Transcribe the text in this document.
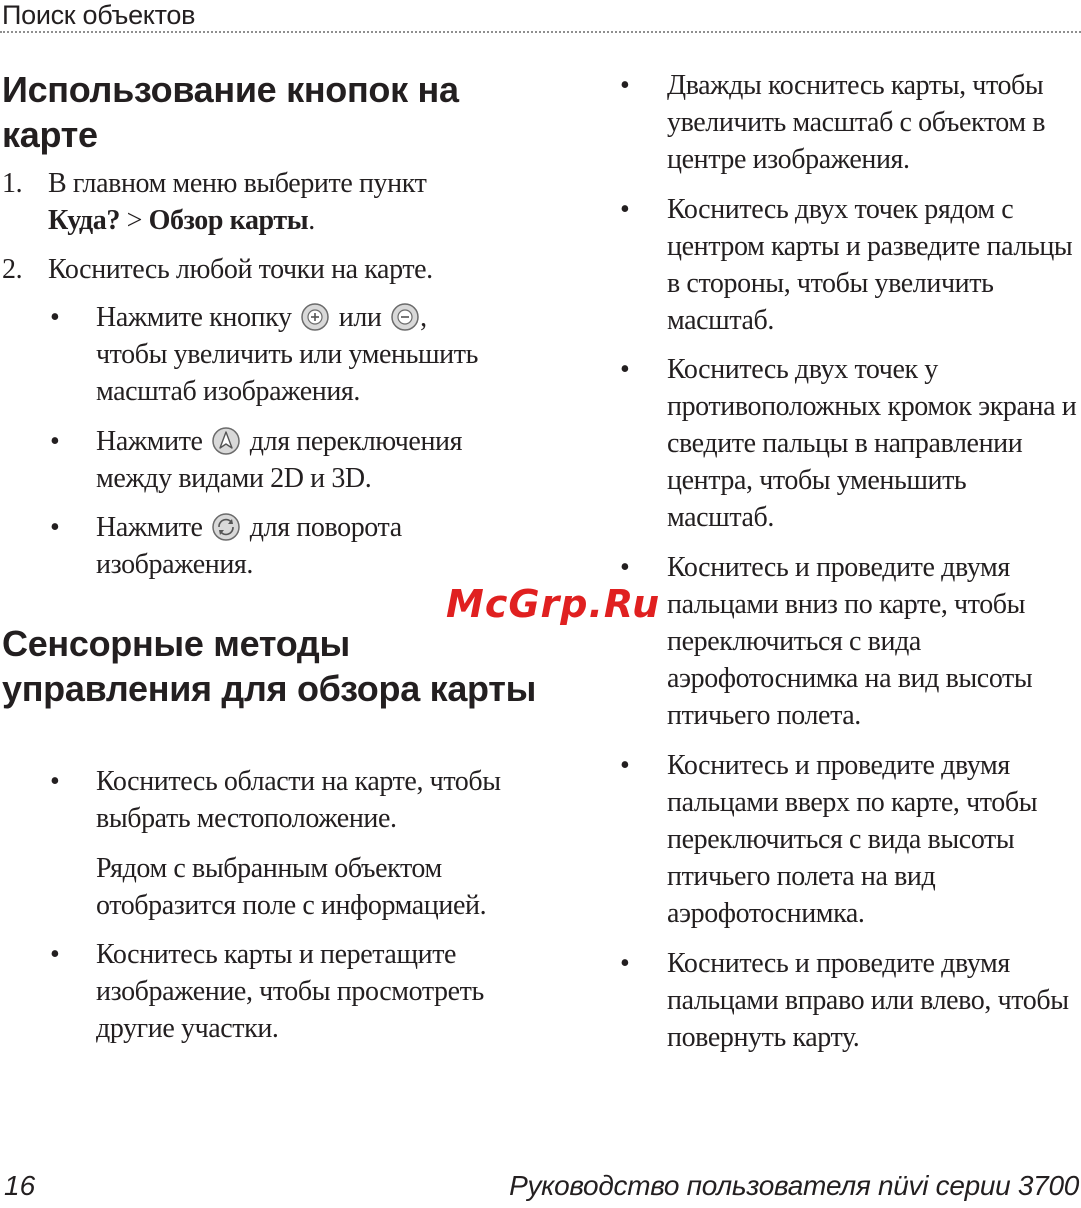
Поиск объектов
Использование кнопок на карте
1. В главном меню выберите пункт
Куда? > Обзор карты.
2. Коснитесь любой точки на карте.
• Нажмите кнопку или ,
чтобы увеличить или уменьшить масштаб изображения.
• Нажмите для переключения
между видами 2D и 3D.
• Нажмите для поворота
изображения.
Сенсорные методы управления для обзора карты
• Коснитесь области на карте, чтобы выбрать местоположение.
Рядом с выбранным объектом отобразится поле с информацией.
• Коснитесь карты и перетащите изображение, чтобы просмотреть другие участки.
• Дважды коснитесь карты, чтобы увеличить масштаб с объектом в центре изображения.
• Коснитесь двух точек рядом с центром карты и разведите пальцы в стороны, чтобы увеличить масштаб.
• Коснитесь двух точек у противоположных кромок экрана и сведите пальцы в направлении центра, чтобы уменьшить масштаб.
• Коснитесь и проведите двумя пальцами вниз по карте, чтобы переключиться с вида аэрофотоснимка на вид высоты птичьего полета.
• Коснитесь и проведите двумя пальцами вверх по карте, чтобы переключиться с вида высоты птичьего полета на вид аэрофотоснимка.
• Коснитесь и проведите двумя пальцами вправо или влево, чтобы повернуть карту.
McGrp.Ru
16	Руководство пользователя nüvi серии 3700
